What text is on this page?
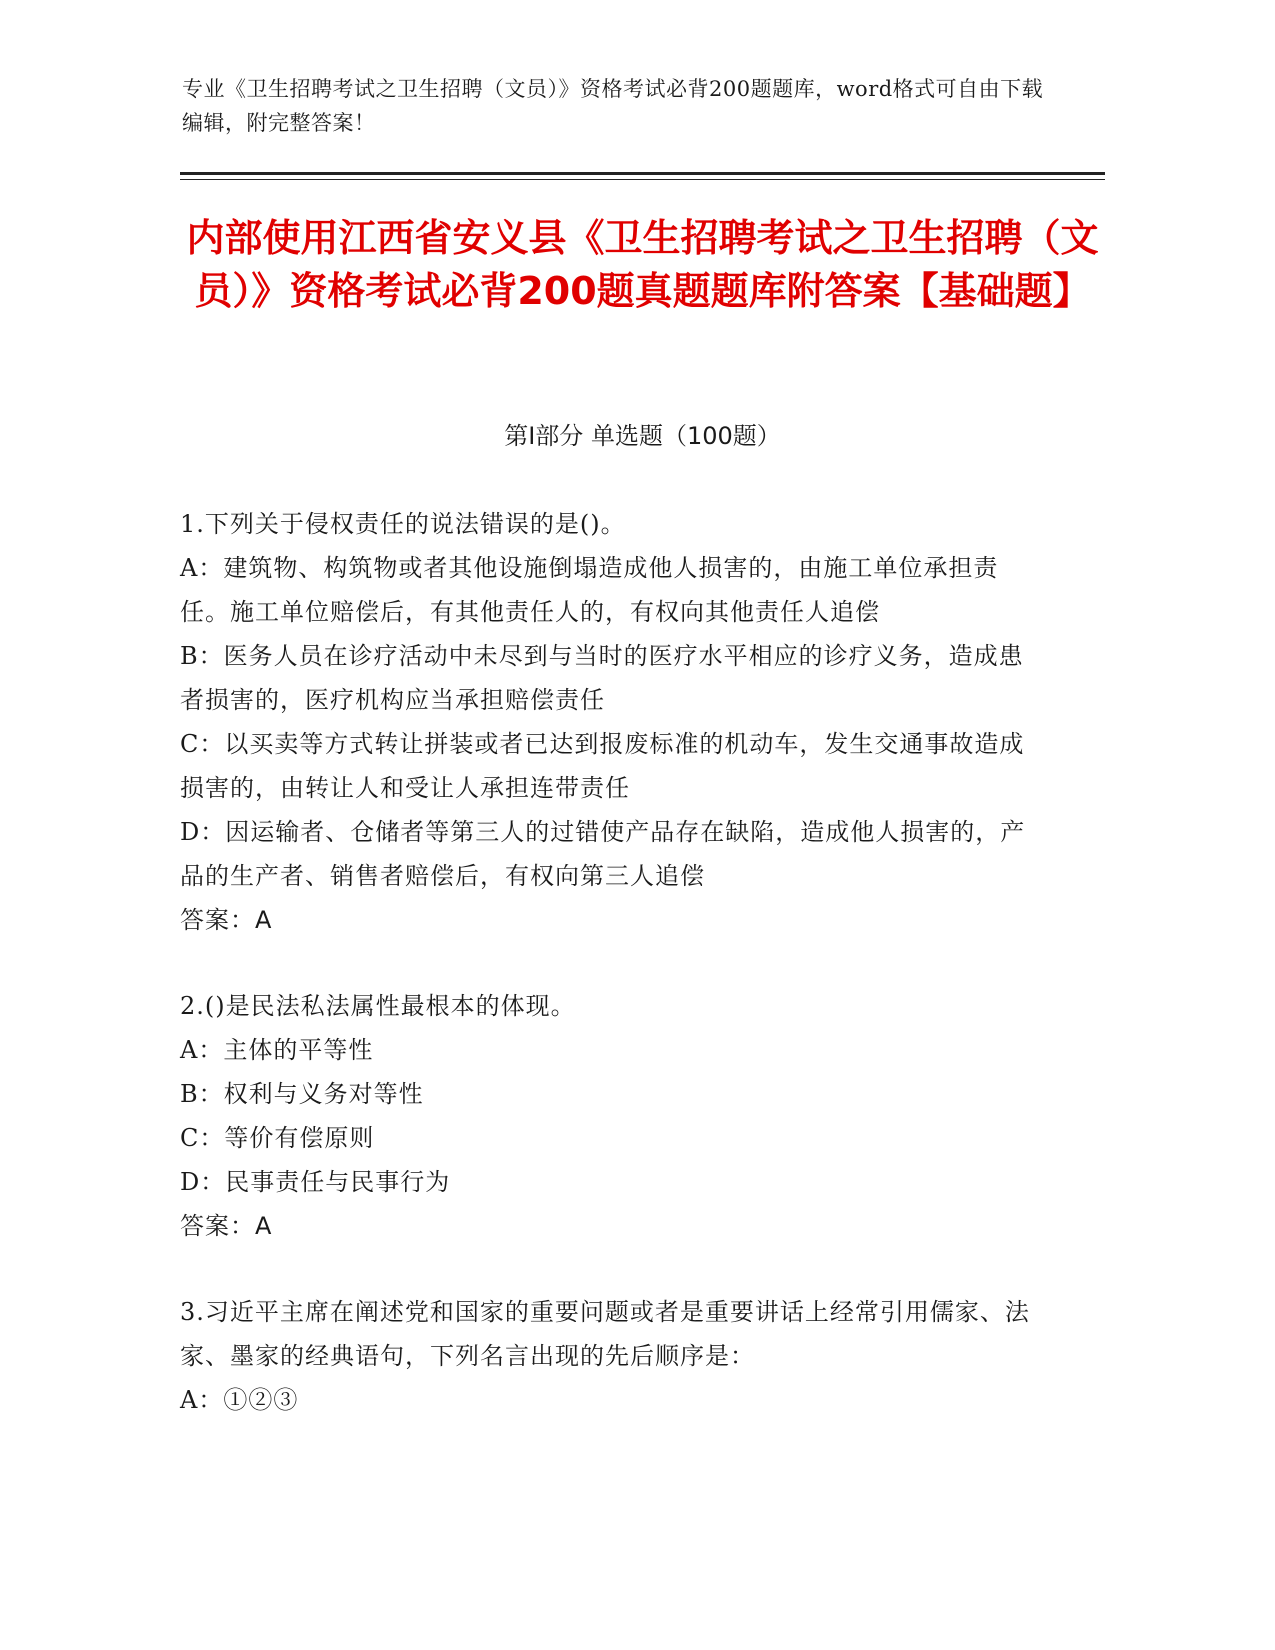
专业《卫生招聘考试之卫生招聘（文员）》资格考试必背200题题库，word格式可自由下载编辑，附完整答案！
内部使用江西省安义县《卫生招聘考试之卫生招聘（文员）》资格考试必背200题真题题库附答案【基础题】
第Ⅰ部分 单选题（100题）

1.下列关于侵权责任的说法错误的是()。

A：建筑物、构筑物或者其他设施倒塌造成他人损害的，由施工单位承担责任。施工单位赔偿后，有其他责任人的，有权向其他责任人追偿

B：医务人员在诊疗活动中未尽到与当时的医疗水平相应的诊疗义务，造成患者损害的，医疗机构应当承担赔偿责任

C：以买卖等方式转让拼装或者已达到报废标准的机动车，发生交通事故造成损害的，由转让人和受让人承担连带责任

D：因运输者、仓储者等第三人的过错使产品存在缺陷，造成他人损害的，产品的生产者、销售者赔偿后，有权向第三人追偿

答案：A

2.()是民法私法属性最根本的体现。

A：主体的平等性

B：权利与义务对等性

C：等价有偿原则

D：民事责任与民事行为

答案：A

3.习近平主席在阐述党和国家的重要问题或者是重要讲话上经常引用儒家、法家、墨家的经典语句，下列名言出现的先后顺序是：

A：①②③
